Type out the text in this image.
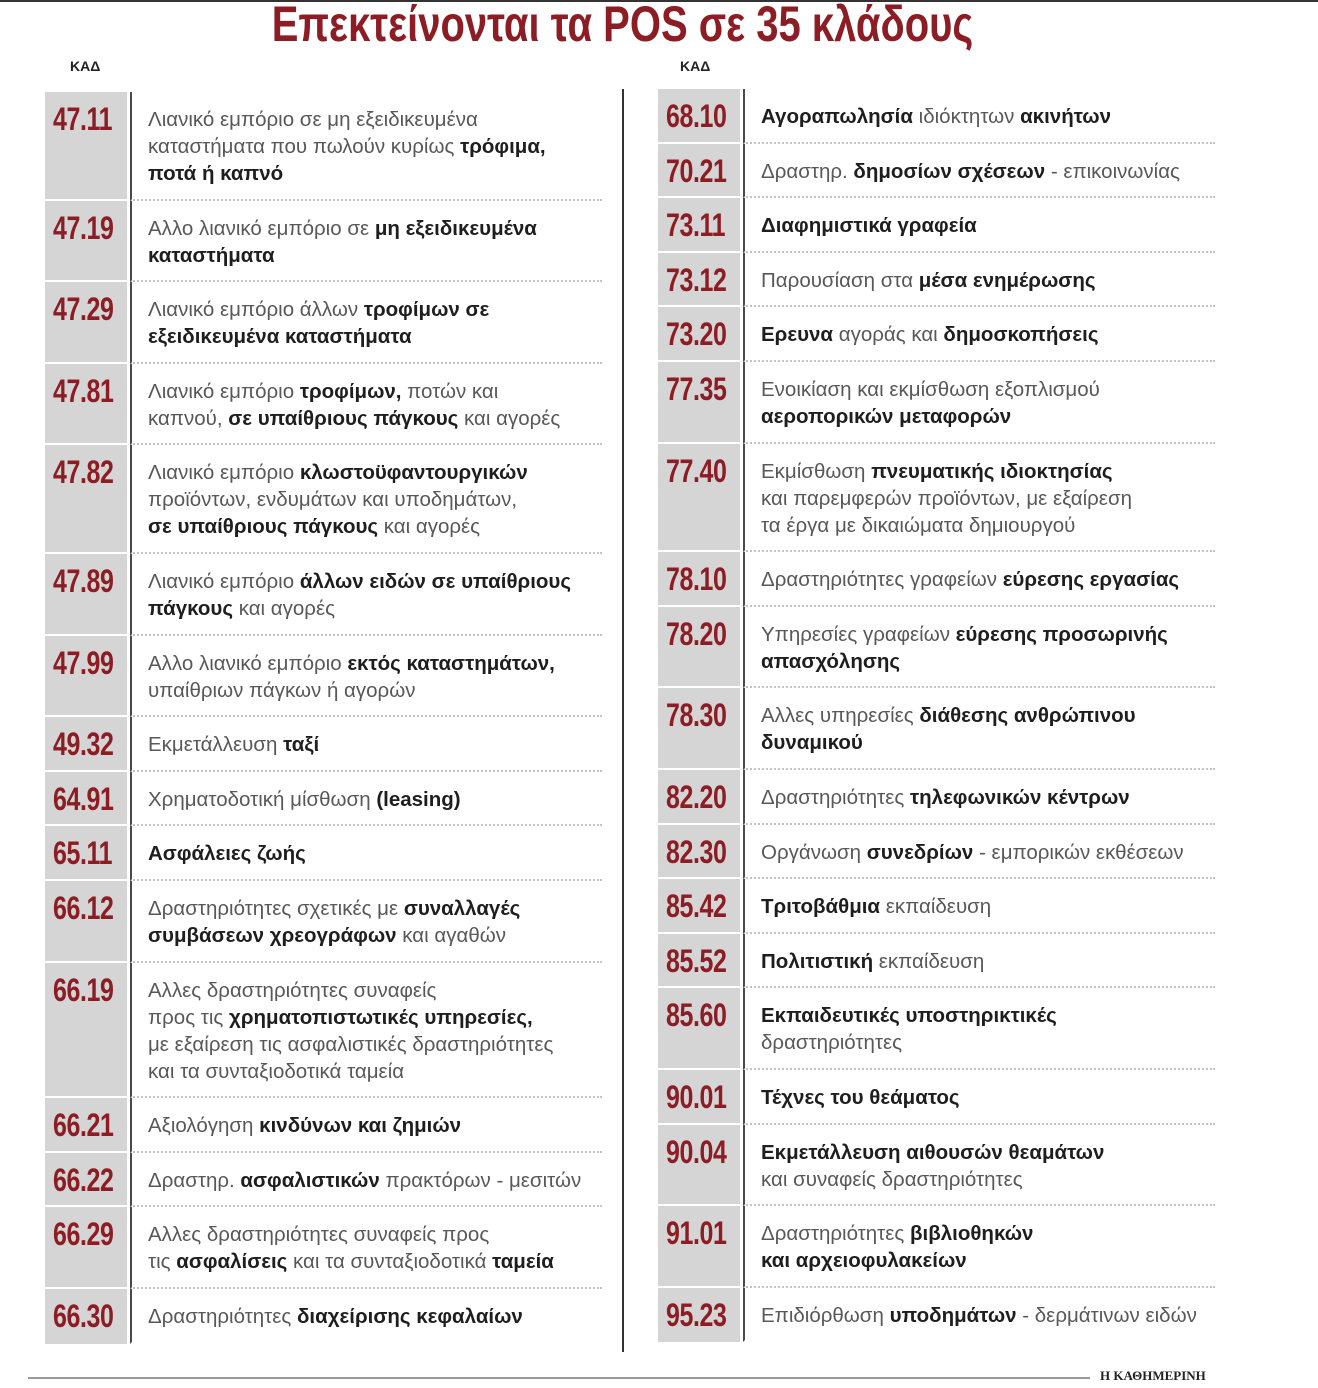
Επεκτείνονται τα POS σε 35 κλάδους
ΚΑΔ	ΚΑΔ
47.11	Λιανικό εμπόριο σε μη εξειδικευμένα
καταστήματα που πωλούν κυρίως τρόφιμα,
ποτά ή καπνό
47.19	Αλλο λιανικό εμπόριο σε μη εξειδικευμένα
καταστήματα
47.29	Λιανικό εμπόριο άλλων τροφίμων σε
εξειδικευμένα καταστήματα
47.81	Λιανικό εμπόριο τροφίμων, ποτών και
καπνού, σε υπαίθριους πάγκους και αγορές
47.82	Λιανικό εμπόριο κλωστοϋφαντουργικών
προϊόντων, ενδυμάτων και υποδημάτων,
σε υπαίθριους πάγκους και αγορές
47.89	Λιανικό εμπόριο άλλων ειδών σε υπαίθριους
πάγκους και αγορές
47.99	Αλλο λιανικό εμπόριο εκτός καταστημάτων,
υπαίθριων πάγκων ή αγορών
49.32	Εκμετάλλευση ταξί
64.91	Χρηματοδοτική μίσθωση (leasing)
65.11	Ασφάλειες ζωής
66.12	Δραστηριότητες σχετικές με συναλλαγές
συμβάσεων χρεογράφων και αγαθών
66.19	Αλλες δραστηριότητες συναφείς
προς τις χρηματοπιστωτικές υπηρεσίες,
με εξαίρεση τις ασφαλιστικές δραστηριότητες
και τα συνταξιοδοτικά ταμεία
66.21	Αξιολόγηση κινδύνων και ζημιών
66.22	Δραστηρ. ασφαλιστικών πρακτόρων - μεσιτών
66.29	Αλλες δραστηριότητες συναφείς προς
τις ασφαλίσεις και τα συνταξιοδοτικά ταμεία
66.30	Δραστηριότητες διαχείρισης κεφαλαίων
68.10	Αγοραπωλησία ιδιόκτητων ακινήτων
70.21	Δραστηρ. δημοσίων σχέσεων - επικοινωνίας
73.11	Διαφημιστικά γραφεία
73.12	Παρουσίαση στα μέσα ενημέρωσης
73.20	Ερευνα αγοράς και δημοσκοπήσεις
77.35	Ενοικίαση και εκμίσθωση εξοπλισμού
αεροπορικών μεταφορών
77.40	Εκμίσθωση πνευματικής ιδιοκτησίας
και παρεμφερών προϊόντων, με εξαίρεση
τα έργα με δικαιώματα δημιουργού
78.10	Δραστηριότητες γραφείων εύρεσης εργασίας
78.20	Υπηρεσίες γραφείων εύρεσης προσωρινής
απασχόλησης
78.30	Αλλες υπηρεσίες διάθεσης ανθρώπινου
δυναμικού
82.20	Δραστηριότητες τηλεφωνικών κέντρων
82.30	Οργάνωση συνεδρίων - εμπορικών εκθέσεων
85.42	Τριτοβάθμια εκπαίδευση
85.52	Πολιτιστική εκπαίδευση
85.60	Εκπαιδευτικές υποστηρικτικές
δραστηριότητες
90.01	Τέχνες του θεάματος
90.04	Εκμετάλλευση αιθουσών θεαμάτων
και συναφείς δραστηριότητες
91.01	Δραστηριότητες βιβλιοθηκών
και αρχειοφυλακείων
95.23	Επιδιόρθωση υποδημάτων - δερμάτινων ειδών
Η ΚΑΘΗΜΕΡΙΝΗ
